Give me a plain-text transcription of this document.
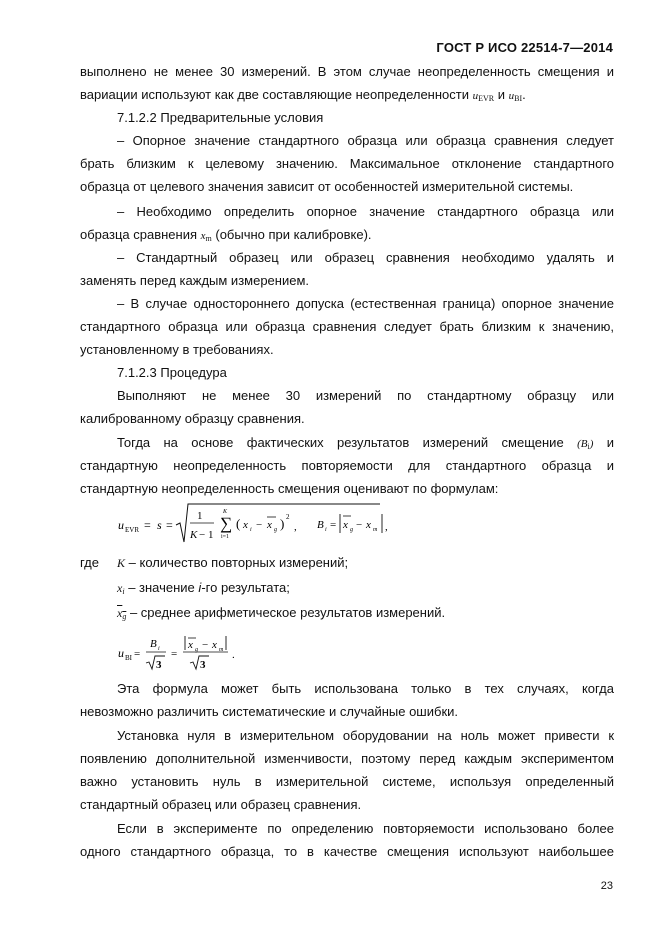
ГОСТ Р ИСО 22514-7—2014
выполнено не менее 30 измерений. В этом случае неопределенность смещения и
вариации используют как две составляющие неопределенности $u_{EVR}$ и $u_{BI}$.
7.1.2.2 Предварительные условия
– Опорное значение стандартного образца или образца сравнения следует
брать близким к целевому значению. Максимальное отклонение стандартного
образца от целевого значения зависит от особенностей измерительной системы.
– Необходимо определить опорное значение стандартного образца или
образца сравнения $x_m$ (обычно при калибровке).
– Стандартный образец или образец сравнения необходимо удалять и
заменять перед каждым измерением.
– В случае одностороннего допуска (естественная граница) опорное значение
стандартного образца или образца сравнения следует брать близким к значению,
установленному в требованиях.
7.1.2.3 Процедура
Выполняют не менее 30 измерений по стандартному образцу или
калиброванному образцу сравнения.
Тогда на основе фактических результатов измерений смещение $(B_i)$ и
стандартную неопределенность повторяемости для стандартного образца и
стандартную неопределенность смещения оценивают по формулам:
u EVR = s =
1
K − 1
K
∑
i=1
( x i − x g ) 2
, B i = x g − x m ,
где K – количество повторных измерений;
$x_i$ – значение i-го результата;
$x_g$ – среднее арифметическое результатов измерений.
u BI =
B i
3
=
x g − x m
3
.
Эта формула может быть использована только в тех случаях, когда
невозможно различить систематические и случайные ошибки.
Установка нуля в измерительном оборудовании на ноль может привести к
появлению дополнительной изменчивости, поэтому перед каждым экспериментом
важно установить нуль в измерительной системе, используя определенный
стандартный образец или образец сравнения.
Если в эксперименте по определению повторяемости использовано более
одного стандартного образца, то в качестве смещения используют наибольшее
23
